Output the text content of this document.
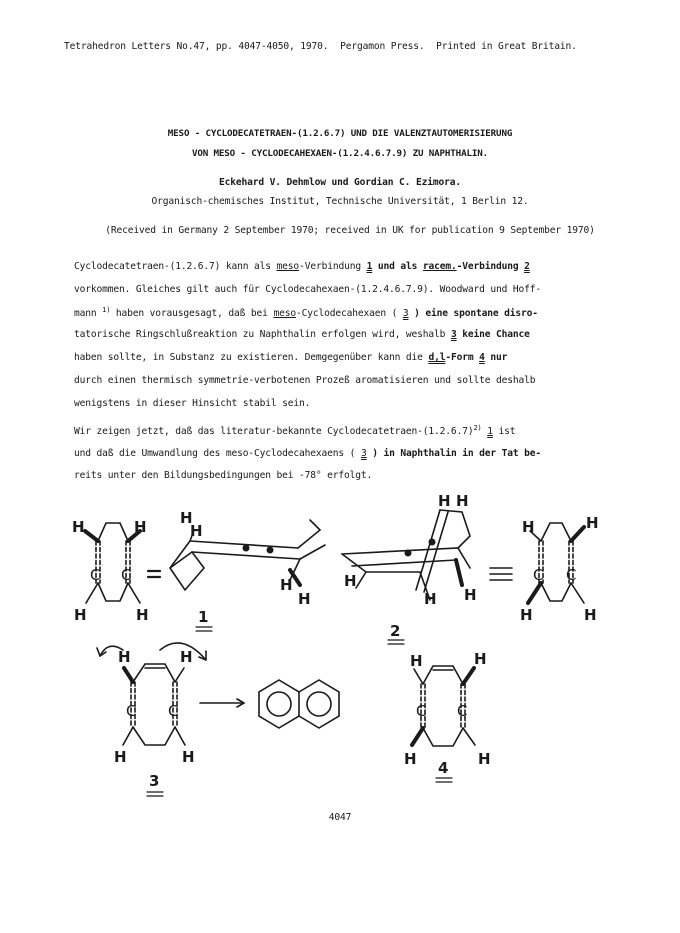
Tetrahedron Letters No.47, pp. 4047-4050, 1970. Pergamon Press. Printed in Great Britain.
MESO - CYCLODECATETRAEN-(1.2.6.7) UND DIE VALENZTAUTOMERISIERUNG
VON MESO - CYCLODECAHEXAEN-(1.2.4.6.7.9) ZU NAPHTHALIN.
Eckehard V. Dehmlow und Gordian C. Ezimora.
Organisch-chemisches Institut, Technische Universität, 1 Berlin 12.
(Received in Germany 2 September 1970; received in UK for publication 9 September 1970)
Cyclodecatetraen-(1.2.6.7) kann als meso-Verbindung 1 und als racem.-Verbindung 2
vorkommen. Gleiches gilt auch für Cyclodecahexaen-(1.2.4.6.7.9). Woodward und Hoff-
mann $^{1)}$ haben vorausgesagt, daß bei meso-Cyclodecahexaen ( 3 ) eine spontane disro-
tatorische Ringschlußreaktion zu Naphthalin erfolgen wird, weshalb 3 keine Chance
haben sollte, in Substanz zu existieren. Demgegenüber kann die d,l-Form 4 nur
durch einen thermisch symmetrie-verbotenen Prozeß aromatisieren und sollte deshalb
wenigstens in dieser Hinsicht stabil sein.
Wir zeigen jetzt, daß das literatur-bekannte Cyclodecatetraen-$(1.2.6.7)^{2)}$ 1 ist
und daß die Umwandlung des meso-Cyclodecahexaens ( 3 ) in Naphthalin in der Tat be-
reits unter den Bildungsbedingungen bei -78° erfolgt.
H	H
C C
H	H
H
H
H
H
1
H H
H
H H
2
H	H
C C
H	H
H	H
C C
H	H
3
H	H
C C
H	H
4
4047
